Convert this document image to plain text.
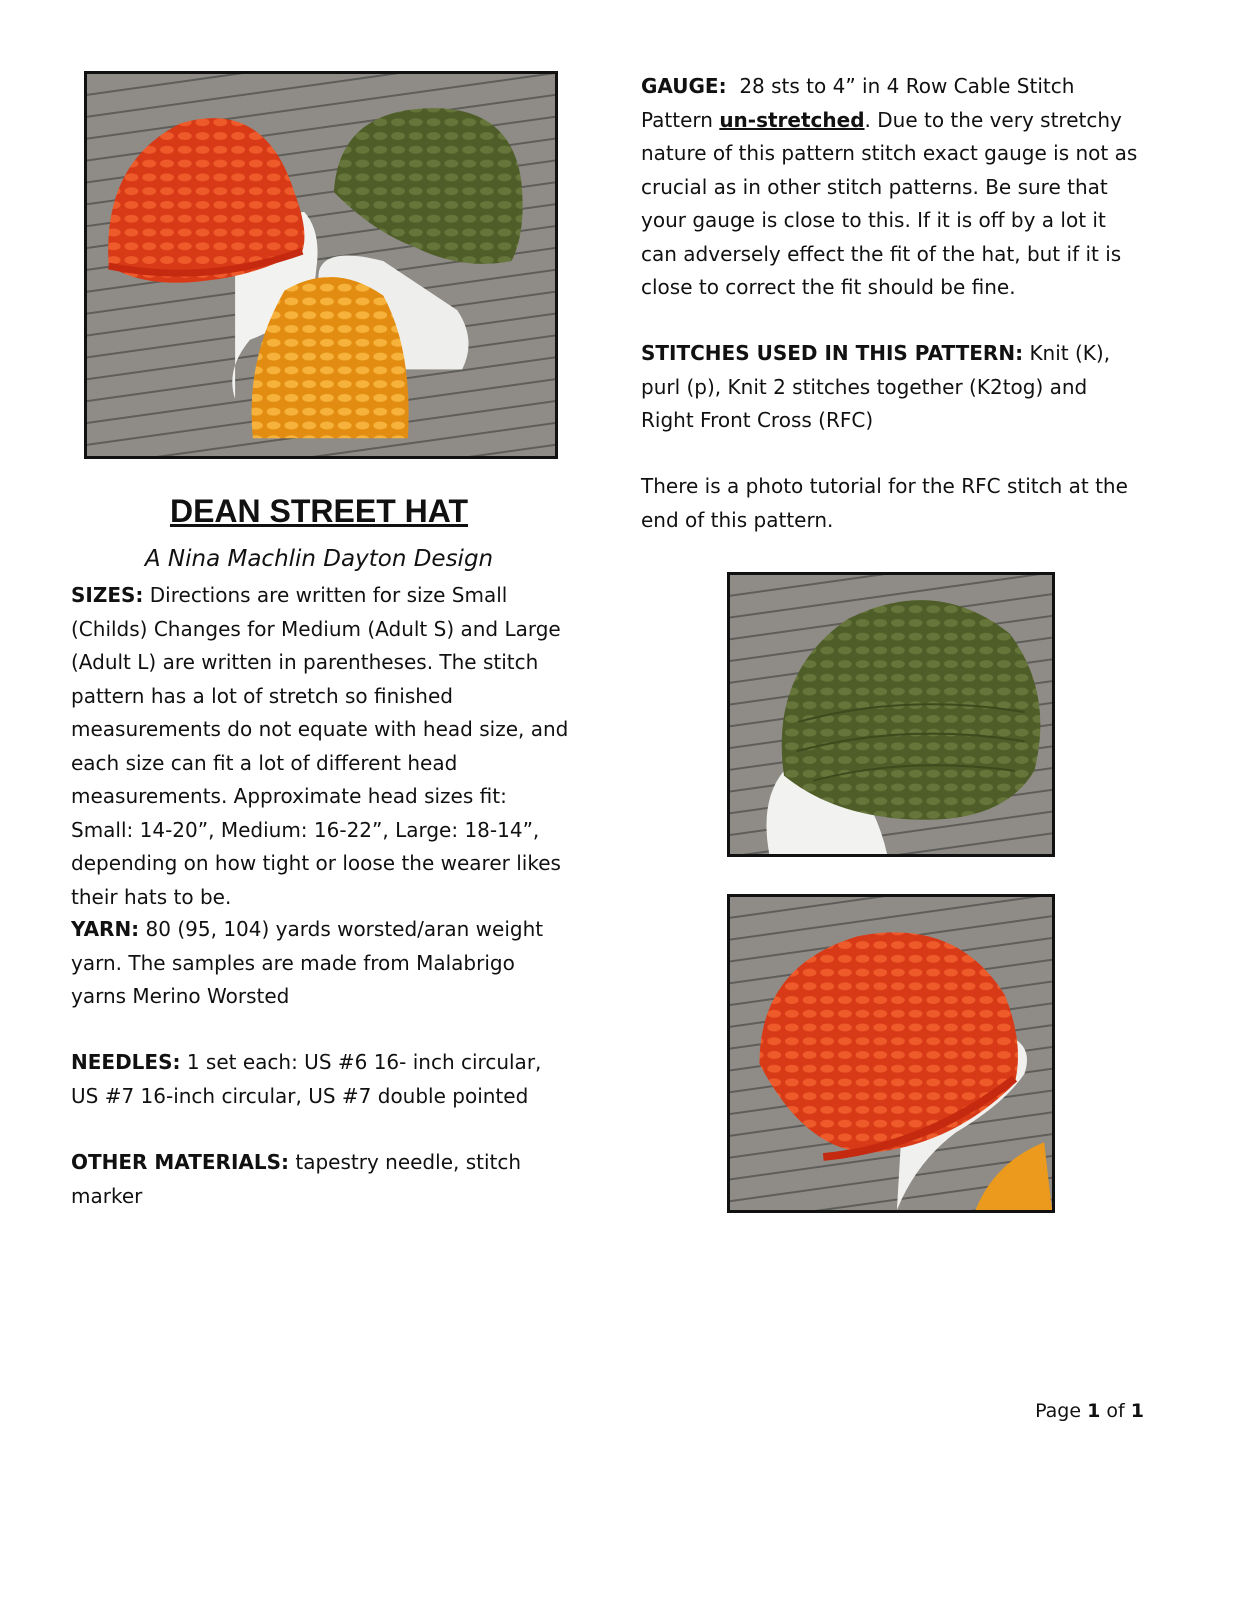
DEAN STREET HAT
A Nina Machlin Dayton Design

SIZES: Directions are written for size Small (Childs) Changes for Medium (Adult S) and Large (Adult L) are written in parentheses. The stitch pattern has a lot of stretch so finished measurements do not equate with head size, and each size can fit a lot of different head measurements. Approximate head sizes fit: Small: 14-20”, Medium: 16-22”, Large: 18-14”, depending on how tight or loose the wearer likes their hats to be.

YARN: 80 (95, 104) yards worsted/aran weight yarn. The samples are made from Malabrigo yarns Merino Worsted

NEEDLES: 1 set each: US #6 16- inch circular, US #7 16-inch circular, US #7 double pointed

OTHER MATERIALS: tapestry needle, stitch marker

GAUGE: 28 sts to 4” in 4 Row Cable Stitch Pattern un-stretched. Due to the very stretchy nature of this pattern stitch exact gauge is not as crucial as in other stitch patterns. Be sure that your gauge is close to this. If it is off by a lot it can adversely effect the fit of the hat, but if it is close to correct the fit should be fine.

STITCHES USED IN THIS PATTERN: Knit (K), purl (p), Knit 2 stitches together (K2tog) and Right Front Cross (RFC)

There is a photo tutorial for the RFC stitch at the end of this pattern.

Page 1 of 1
